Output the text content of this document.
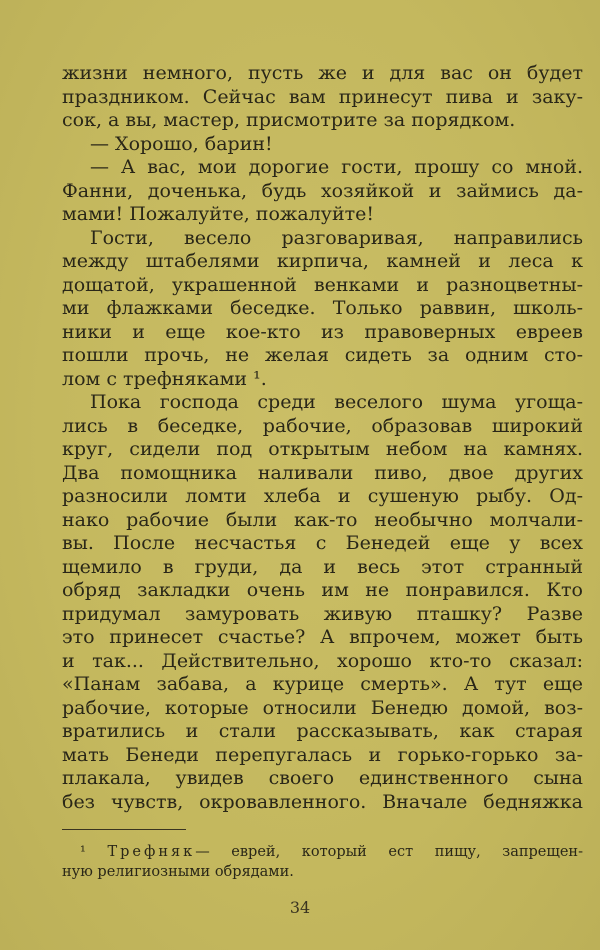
жизни немного, пусть же и для вас он будет
праздником. Сейчас вам принесут пива и заку-
сок, а вы, мастер, присмотрите за порядком.
— Хорошо, барин!
— А вас, мои дорогие гости, прошу со мной.
Фанни, доченька, будь хозяйкой и займись да-
мами! Пожалуйте, пожалуйте!
Гости, весело разговаривая, направились
между штабелями кирпича, камней и леса к
дощатой, украшенной венками и разноцветны-
ми флажками беседке. Только раввин, школь-
ники и еще кое-кто из правоверных евреев
пошли прочь, не желая сидеть за одним сто-
лом с трефняками ¹.
Пока господа среди веселого шума угоща-
лись в беседке, рабочие, образовав широкий
круг, сидели под открытым небом на камнях.
Два помощника наливали пиво, двое других
разносили ломти хлеба и сушеную рыбу. Од-
нако рабочие были как-то необычно молчали-
вы. После несчастья с Бенедей еще у всех
щемило в груди, да и весь этот странный
обряд закладки очень им не понравился. Кто
придумал замуровать живую пташку? Разве
это принесет счастье? А впрочем, может быть
и так... Действительно, хорошо кто-то сказал:
«Панам забава, а курице смерть». А тут еще
рабочие, которые относили Бенедю домой, воз-
вратились и стали рассказывать, как старая
мать Бенеди перепугалась и горько-горько за-
плакала, увидев своего единственного сына
без чувств, окровавленного. Вначале бедняжка
¹ Трефняк— еврей, который ест пищу, запрещен-
ную религиозными обрядами.
34
